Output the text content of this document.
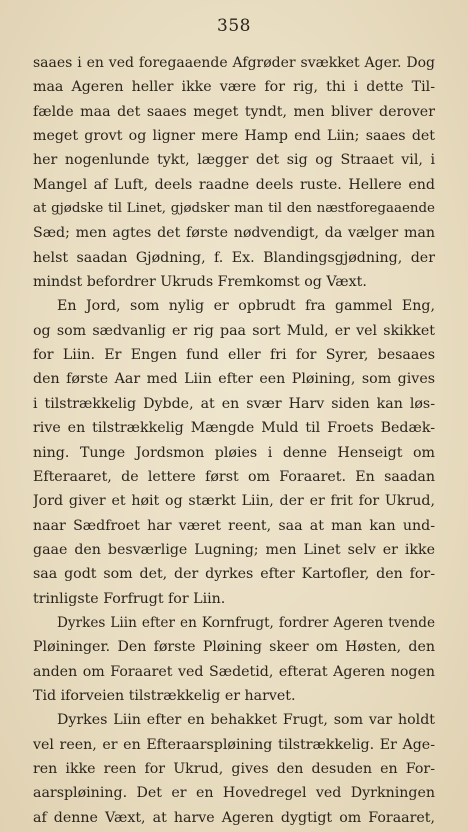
358
saaes i en ved foregaaende Afgrøder svækket Ager. Dog
maa Ageren heller ikke være for rig, thi i dette Til-
fælde maa det saaes meget tyndt, men bliver derover
meget grovt og ligner mere Hamp end Liin; saaes det
her nogenlunde tykt, lægger det sig og Straaet vil, i
Mangel af Luft, deels raadne deels ruste. Hellere end
at gjødske til Linet, gjødsker man til den næstforegaaende
Sæd; men agtes det første nødvendigt, da vælger man
helst saadan Gjødning, f. Ex. Blandingsgjødning, der
mindst befordrer Ukruds Fremkomst og Væxt.
En Jord, som nylig er opbrudt fra gammel Eng,
og som sædvanlig er rig paa sort Muld, er vel skikket
for Liin. Er Engen fund eller fri for Syrer, besaaes
den første Aar med Liin efter een Pløining, som gives
i tilstrækkelig Dybde, at en svær Harv siden kan løs-
rive en tilstrækkelig Mængde Muld til Froets Bedæk-
ning. Tunge Jordsmon pløies i denne Henseigt om
Efteraaret, de lettere først om Foraaret. En saadan
Jord giver et høit og stærkt Liin, der er frit for Ukrud,
naar Sædfroet har været reent, saa at man kan und-
gaae den besværlige Lugning; men Linet selv er ikke
saa godt som det, der dyrkes efter Kartofler, den for-
trinligste Forfrugt for Liin.
Dyrkes Liin efter en Kornfrugt, fordrer Ageren tvende
Pløininger. Den første Pløining skeer om Høsten, den
anden om Foraaret ved Sædetid, efterat Ageren nogen
Tid iforveien tilstrækkelig er harvet.
Dyrkes Liin efter en behakket Frugt, som var holdt
vel reen, er en Efteraarspløining tilstrækkelig. Er Age-
ren ikke reen for Ukrud, gives den desuden en For-
aarspløining. Det er en Hovedregel ved Dyrkningen
af denne Væxt, at harve Ageren dygtigt om Foraaret,
